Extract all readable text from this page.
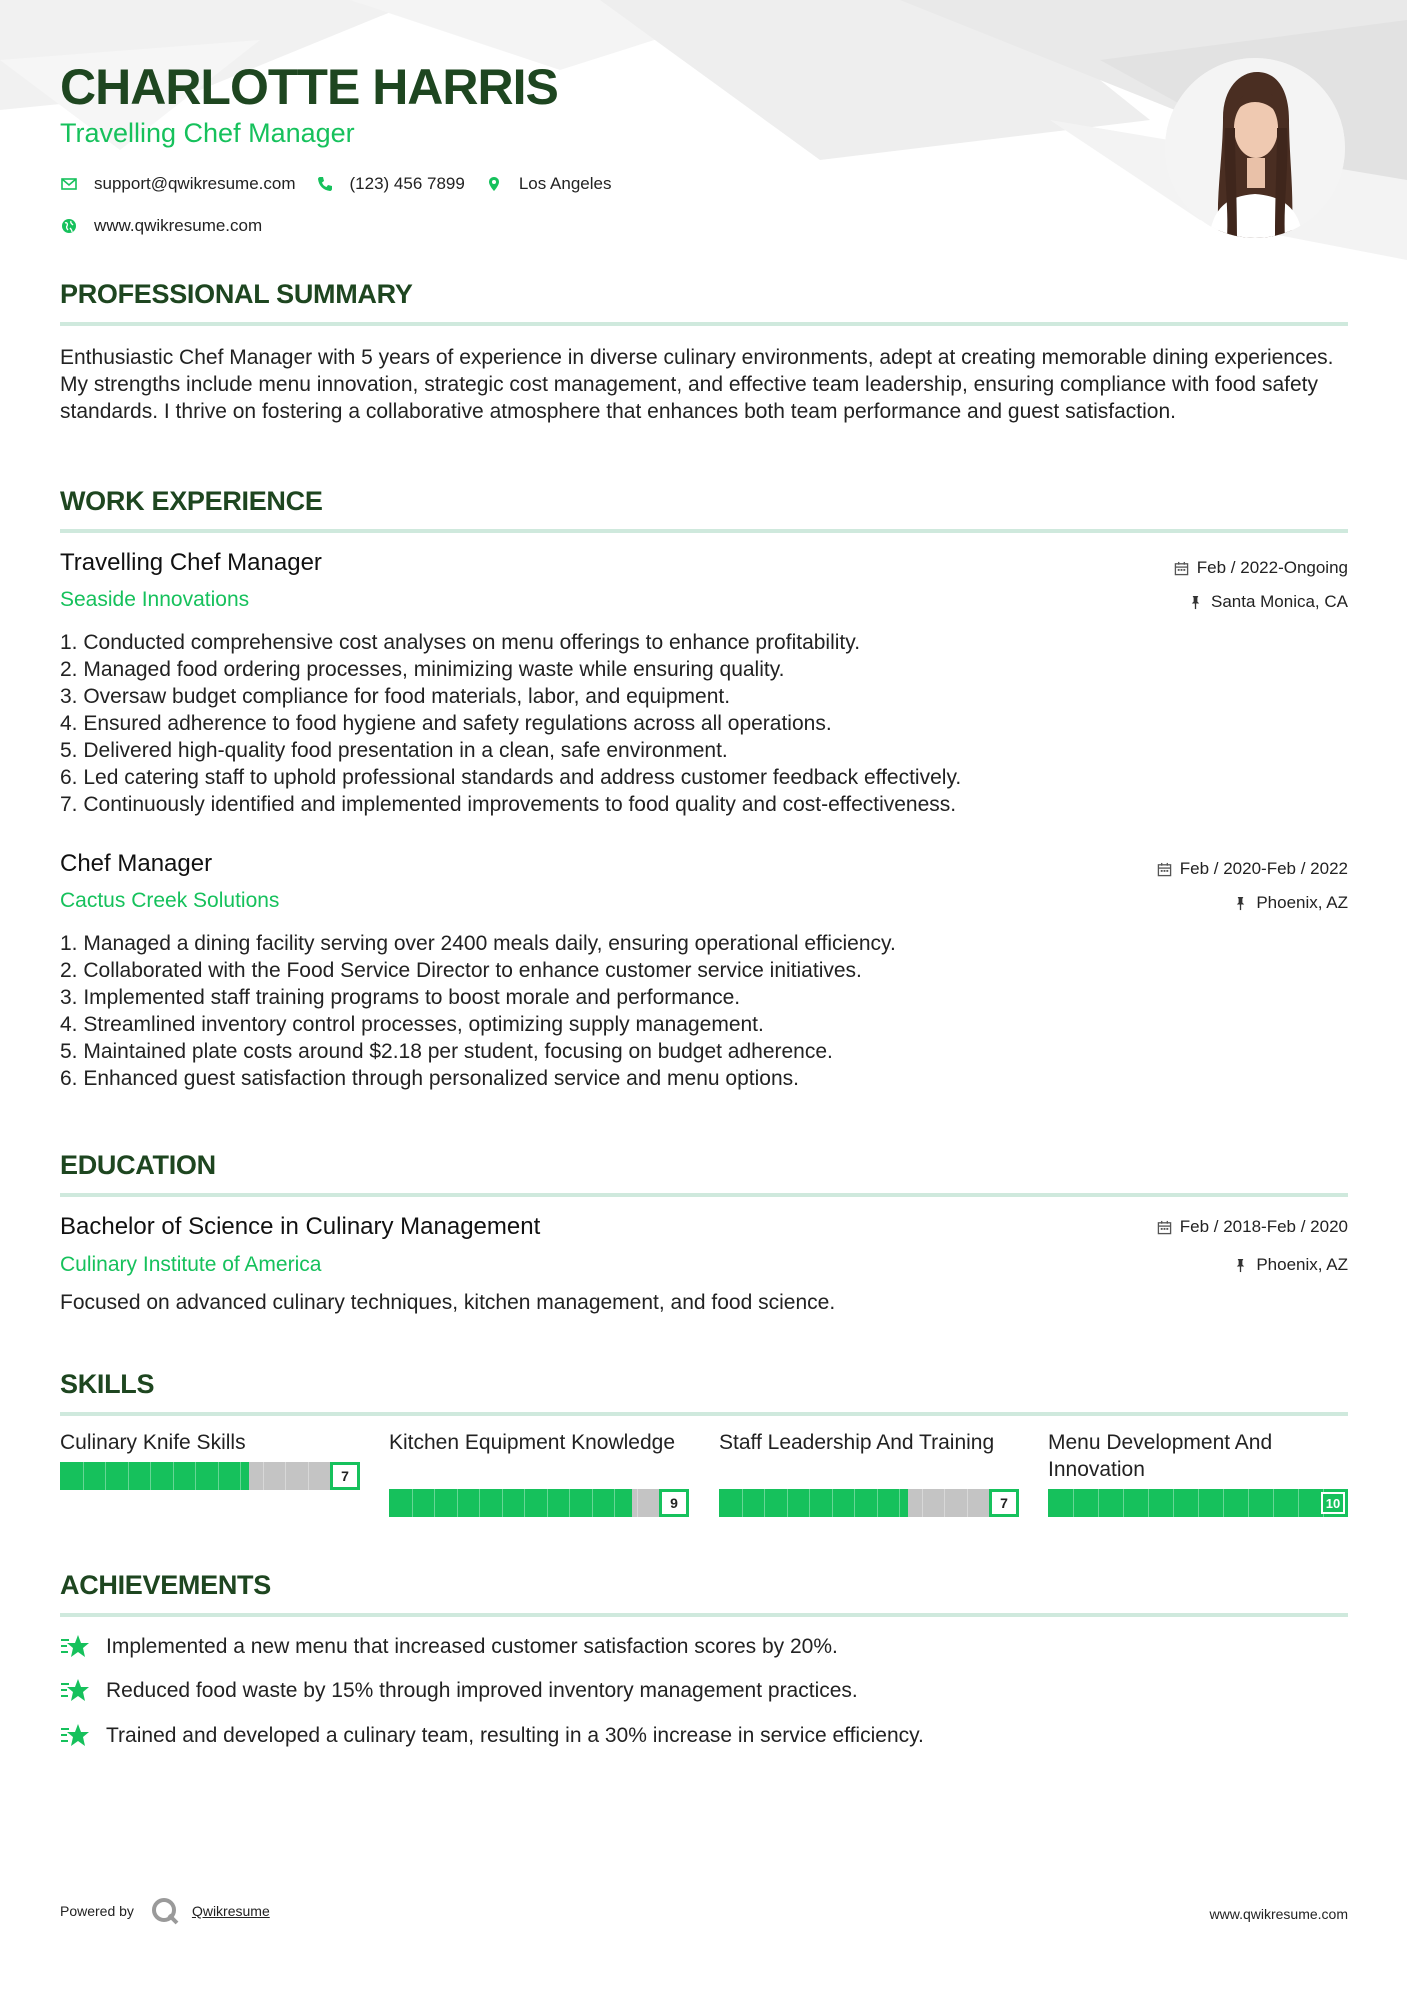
CHARLOTTE HARRIS
Travelling Chef Manager
support@qwikresume.com	(123) 456 7899	Los Angeles
www.qwikresume.com
PROFESSIONAL SUMMARY

Enthusiastic Chef Manager with 5 years of experience in diverse culinary environments, adept at creating memorable dining experiences. My strengths include menu innovation, strategic cost management, and effective team leadership, ensuring compliance with food safety standards. I thrive on fostering a collaborative atmosphere that enhances both team performance and guest satisfaction.

WORK EXPERIENCE
Travelling Chef Manager
Seaside Innovations
Feb / 2022-Ongoing
Santa Monica, CA
1. Conducted comprehensive cost analyses on menu offerings to enhance profitability.
2. Managed food ordering processes, minimizing waste while ensuring quality.
3. Oversaw budget compliance for food materials, labor, and equipment.
4. Ensured adherence to food hygiene and safety regulations across all operations.
5. Delivered high-quality food presentation in a clean, safe environment.
6. Led catering staff to uphold professional standards and address customer feedback effectively.
7. Continuously identified and implemented improvements to food quality and cost-effectiveness.
Chef Manager
Cactus Creek Solutions
Feb / 2020-Feb / 2022
Phoenix, AZ
1. Managed a dining facility serving over 2400 meals daily, ensuring operational efficiency.
2. Collaborated with the Food Service Director to enhance customer service initiatives.
3. Implemented staff training programs to boost morale and performance.
4. Streamlined inventory control processes, optimizing supply management.
5. Maintained plate costs around $2.18 per student, focusing on budget adherence.
6. Enhanced guest satisfaction through personalized service and menu options.
EDUCATION
Bachelor of Science in Culinary Management
Culinary Institute of America
Feb / 2018-Feb / 2020
Phoenix, AZ

Focused on advanced culinary techniques, kitchen management, and food science.

SKILLS
Culinary Knife Skills
7
Kitchen Equipment Knowledge
9
Staff Leadership And Training
7
Menu Development And Innovation
10
ACHIEVEMENTS
Implemented a new menu that increased customer satisfaction scores by 20%.
Reduced food waste by 15% through improved inventory management practices.
Trained and developed a culinary team, resulting in a 30% increase in service efficiency.
Powered by	Qwikresume	www.qwikresume.com
